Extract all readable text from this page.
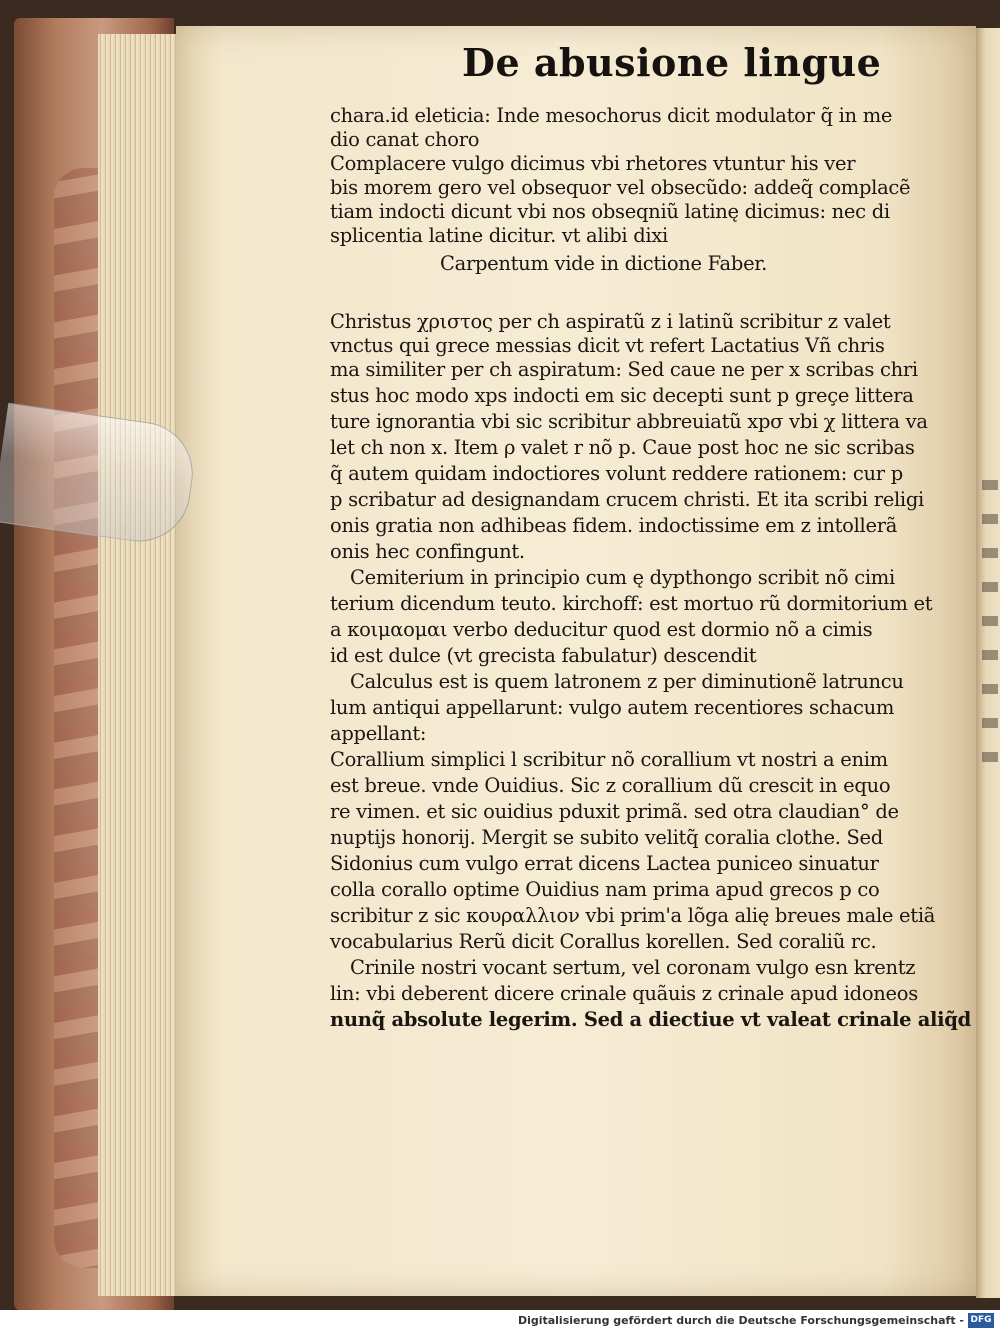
De abusione lingue
chara.id eleticia: Inde mesochorus dicit modulator q̃ in me
dio canat choro
Complacere vulgo dicimus vbi rhetores vtuntur his ver
bis morem gero vel obsequor vel obsecũdo: addeq̃ complacẽ
tiam indocti dicunt vbi nos obseqniũ latinę dicimus: nec di
splicentia latine dicitur. vt alibi dixi
Carpentum vide in dictione Faber.
Christus χριστος per ch aspiratũ z i latinũ scribitur z valet
vnctus qui grece messias dicit vt refert Lactatius Vñ chris
ma similiter per ch aspiratum: Sed caue ne per x scribas chri
stus hoc modo xps indocti em sic decepti sunt p greçe littera
ture ignorantia vbi sic scribitur abbreuiatũ xpσ vbi χ littera va
let ch non x. Item ρ valet r nõ p. Caue post hoc ne sic scribas
q̃ autem quidam indoctiores volunt reddere rationem: cur p
p scribatur ad designandam crucem christi. Et ita scribi religi
onis gratia non adhibeas fidem. indoctissime em z intollerã
onis hec confingunt.
Cemiterium in principio cum ę dypthongo scribit nõ cimi
terium dicendum teuto. kirchoff: est mortuo rũ dormitorium et
a κοιμαομαι verbo deducitur quod est dormio nõ a cimis
id est dulce (vt grecista fabulatur) descendit
Calculus est is quem latronem z per diminutionẽ latruncu
lum antiqui appellarunt: vulgo autem recentiores schacum
appellant:
Corallium simplici l scribitur nõ corallium vt nostri a enim
est breue. vnde Ouidius. Sic z corallium dũ crescit in equo
re vimen. et sic ouidius pduxit primã. sed otra claudian° de
nuptijs honorij. Mergit se subito velitq̃ coralia clothe. Sed
Sidonius cum vulgo errat dicens Lactea puniceo sinuatur
colla corallo optime Ouidius nam prima apud grecos p co
scribitur z sic κουραλλιον vbi prim'a lõga alię breues male etiã
vocabularius Rerũ dicit Corallus korellen. Sed coraliũ rc.
Crinile nostri vocant sertum, vel coronam vulgo esn krentz
lin: vbi deberent dicere crinale quãuis z crinale apud idoneos
nunq̃ absolute legerim. Sed a diectiue vt valeat crinale aliq̃d
Digitalisierung gefördert durch die Deutsche Forschungsgemeinschaft - DFG
